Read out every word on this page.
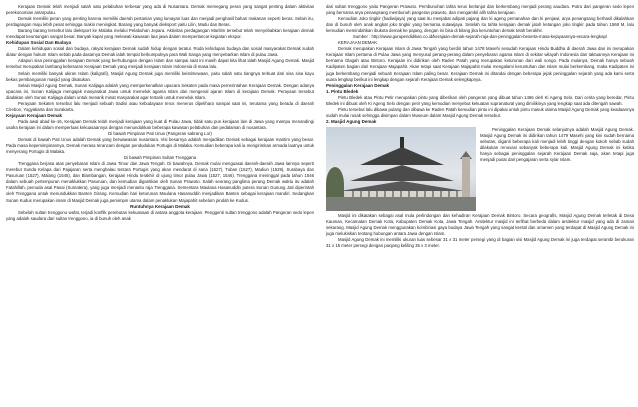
Kerajaan Demak telah menjadi salah satu pelabuhan terbesar yang ada di Nusantara. Demak memegang peran yang sangat penting dalam aktivitas perekonomian antarpulau.

Demak memiliki peran yang penting karena memiliki daerah pertanian yang lumayan luas dan menjadi penghasil bahan makanan seperti beras. Selain itu, perdagangan maju lebih pesat sehingga makin meningkat. Barang yang banyak dieksport yaitu Lilin, Madu dan Beras.

Barang barang tersebut lalu dieksport ke Malaka melalui Pelabuhan Jepara. Aktivitas perdagangan Maritim tersebut telah menyebabkan kerajaan demak mendapat keuntungan sangat besar. Banyak kapal yang melewati kawasan laut jawa dalam memperlancar kegiatan ekspor.

Kehidupan Sosial Dan Budaya

Dalam kehidupan sosial dan budaya, rakyat kerajaan Demak sudah hidup dengan teratur. Roda kehidupan budaya dan sosial masyarakat Demak sudah diatur dengan hukum Islam sebab pada dasarnya Demak ialah tempat berkumpulnya para Wali Sanga yang menyebarkan Islam di pulau Jawa.

Adapun sisa peninggalan kerajaan Demak yang berhubungan dengan Islam dan sampai saat ini masih dapat kita lihat ialah Masjid Agung Demak. Masjid tersebut merupakan lambang kebesaran Kerajaan Demak yang menjadi kerajaan Islam Indonesia di masa lalu.

Selain memiliki banyak ukiran Islam (kaligrafi), Masjid Agung Demak juga memiliki keistimewaan, yaitu salah satu tiangnya terbuat dari sisa sisa kayu bekas pembangunan masjid yang disatukan.

Selain Masjid Agung Demak, Sunan Kalijaga adalah yang memperkenalkan upacara Sekaten pada masa pemerintahan Kerajaan Demak. Dengan adanya upacara ini, Sunan Kalijaga mengajak masyarakat Jawa untuk memeluk agama Islam dan mengenal ajaran Islam di kerajaan Demak. Perayaan tersebut diadakan oleh Sunan Kalijaga dalam untuk menarik minat masyarakat agar tertarik untuk memeluk Islam.

Perayaan Sekaten tersebut lalu menjadi sebuah tradisi atau kebudayaan terus menerus dipelihara sampai saat ini, terutama yang berada di daerah Cirebon, Yogyakarta dan Surakarta.

Kejayaan Kerajaan Demak

Pada awal abad ke-16, Kerajaan Demak telah menjadi kerajaan yang kuat di Pulau Jawa, tidak satu pun kerajaan lain di Jawa yang mampu menandingi usaha kerajaan ini dalam memperluas kekuasaannya dengan menundukkan beberapa kawasan pelabuhan dan pedalaman di nusantara.

Di bawah Pimpinan Pati Unus (Pangeran sabrang Lor)

Demak di bawah Pati Unus adalah Demak yang berwawasan nusantara. Visi besarnya adalah menjadikan Demak sebagai kerajaan maritim yang besar. Pada masa kepemimpinannya, Demak merasa terancam dengan pendudukan Portugis di Malaka. Kemudian beberapa kali ia mengirimkan armada lautnya untuk menyerang Portugis di Malaka.

Di bawah Pimpinan Sultan Trenggana

Trenggana berjasa atas penyebaran Islam di Jawa Timur dan Jawa Tengah. Di bawahnya, Demak mulai menguasai daerah-daerah Jawa lainnya seperti merebut Sunda Kelapa dari Pajajaran serta menghalau tentara Portugis yang akan mendarat di sana (1527), Tuban (1527), Madiun (1529), Surabaya dan Pasuruan (1527), Malang (1545), dan Blambangan, kerajaan Hindu terakhir di ujung timur pulau Jawa (1527, 1546). Trenggana meninggal pada tahun 1546 dalam sebuah pertempuran menaklukkan Pasuruan, dan kemudian digantikan oleh Sunan Prawoto. Salah seorang panglima perang Demak waktu itu adalah Fatahillah, pemuda asal Pasai (Sumatera), yang juga menjadi menantu raja Trenggana. Sementara Maulana Hasanuddin putera Sunan Gunung Jati diperintah oleh Trenggana untuk menundukkan Banten Girang. Kemudian hari keturunan Maulana Hasanuddin menjadikan Banten sebagai kerajaan mandiri. Sedangkan Sunan Kudus merupakan imam di Masjid Demak juga pemimpin utama dalam penaklukan Majapahit sebelum pindah ke Kudus.

Runtuhnya Kerajaan Demak

Sebelah sultan trenggono wafat, terjadi konflik perebutan kekuasaan di antara anggota kerajaan. Penggenti sultan trenggono adalah Pangeran sedo lepen yang adalah saudara dari sultan trenggono, ia di bunuh oleh anak

dari sultan trenggono yaitu Pangeran Prawoto. Pembunuhan tahta terus berlanjut dan berkembang menjadi perang saudara. Putra dari pangeran sedo lepen yang bernama arya penangsang membunuh pangeran prawoto, dan mengambil alih tahta kerajaan.

Kemudian Joko tingkir (hadiwijaya) yang saat itu menjabat adipati pajang dan ki ageng pemanahan dan ki penjawi, arya penangsang berhasil dikalahkan dan di bunuh oleh anak angkat joko tingkir yang bernama sutawijaya. Setelah itu tahta kerajaan demak jatuh ketangan joko tingkir pada tahun 1568 M, lalu kemudian memindahkan ibukota demak ke pajang, dengan ini bisa di bilang jika keruntuhan demak telah berakhir.

Sumber : http://www.gurupendidikan.co.id/kerajaan-demak-sejarah-raja-dan-peninggalan-beserta-masa-kejayaannya-secara-lengkap/

KERAJAAN DEMAK

Demak merupakan Kerajaan Islam di Jawa Tengah yang berdiri tahun 1478 Masehi sesudah Kerajaan Hindu Buddha di daerah Jawa dan ini merupakan Kerajaan Islam pertama di Pulau Jawa yang menyusul perang-perang dalam penyebaran agama Islam di sekitar wilayah Indonesia dan taktuannya Kerajaan ini bernama Glagah atau Bintoro. Kerajaan ini didirikan oleh Raden Patah yang merupakan keturunan dari wali songo. Pada mulanya, Demak hanya sebuah Kadipaten bagian dari Kerajaan Majapahit. Akan tetapi saat Kerajaan Majapahit mulai mengalami keruntuhan dan Islam mulai berkembang, maka Kadipaten ini juga berkembang menjadi sebuah Kerajaan Islam paling besar. Kerajaan Demak ini ditandai dengan beberapa jejak peninggalan sejarah yang ada kami serta suara lengkap berikut ini lengkap dengan sejarah Kerajaan Demak selengkapnya.

Peninggalan Kerajaan Demak

1. Pintu Bledek

Pintu Bledek atau Pintu Petir merupakan pintu yang diberikan oleh pangeran yang dibuat tahun 1466 oleh Ki Ageng Selo. Dari cerita yang beredar, Pintu Bledek ini dibuat oleh Ki Ageng Selo dengan petir yang kemudian menyebut kekuatan supranatural yang dimilikinya yang lengkap saat ada ditengah sawah.

Pintu tersebut lalu dibawa pulang dan dibawa ke Raden Patah kemudian pintu ini dipakai untuk pintu masuk utama Masjid Agung Demak yang keadaannya sudah mulai rusak sehingga disimpan dalam Museum dalam Masjid Agung Demak tersebut.

2. Masjid Agung Demak

Peninggalan Kerajaan Demak selanjutnya adalah Masjid Agung Demak. Masjid Agung Demak ini didirikan tahun 1479 Masehi yang kini sudah bernama sebutan, diganti beberapa kali menjadi lebih tinggi dengan kokoh sebab sudah dilakukan renovasi sebanyak beberapa kali. Masjid Agung Demak ini ketika hanya sebagai peninggalan sejarah Kerajaan Demak saja, akan tetapi juga menjadi pusat dari pengajaran serta syiar Islam.

Masjid ini dikatakan sebagai asal mula perlindungan dan kehadiran Kerajaan Demak Bintoro. Secara geografis, Masjid Agung Demak terletak di Desa Kauman, Kecamatan Demak Kota, Kabupaten Demak Kota, Jawa Tengah. Arsitektur masjid ini terlihat berbeda dalam arsitektur masjid yang ada di zaman sekarang. Masjid Agung Demak menggunakan kombinasi gaya budaya Jawa Tengah yang sangat kental dan ornamen yang terdapat di Masjid Agung Demak ini juga melukiskan tentang hubungan antara Jawa dengan Islam.

Masjid Agung Demak ini memiliki ukuran luas sebesar 31 x 31 meter persegi yang di bagian sisi Masjid Agung Demak ini juga terdapat serambi berukuran 31 x 15 meter persegi dengan panjang keliling 35 x 3 meter.
